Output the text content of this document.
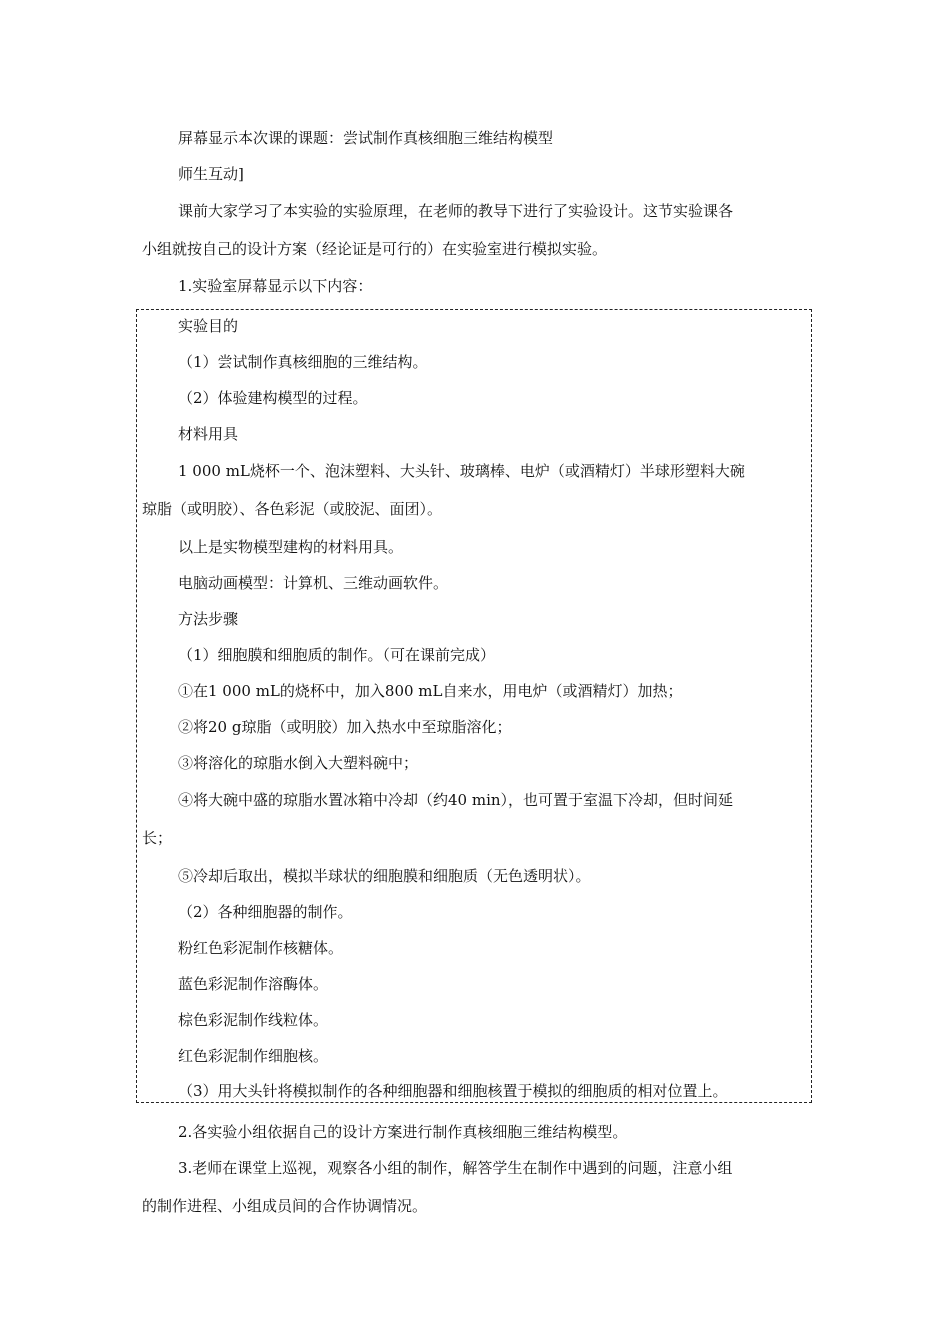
屏幕显示本次课的课题：尝试制作真核细胞三维结构模型

师生互动]

课前大家学习了本实验的实验原理，在老师的教导下进行了实验设计。这节实验课各

小组就按自己的设计方案（经论证是可行的）在实验室进行模拟实验。

1.实验室屏幕显示以下内容：

实验目的

（1）尝试制作真核细胞的三维结构。

（2）体验建构模型的过程。

材料用具

1 000 mL烧杯一个、泡沫塑料、大头针、玻璃棒、电炉（或酒精灯）半球形塑料大碗

琼脂（或明胶）、各色彩泥（或胶泥、面团）。

以上是实物模型建构的材料用具。

电脑动画模型：计算机、三维动画软件。

方法步骤

（1）细胞膜和细胞质的制作。（可在课前完成）

①在1 000 mL的烧杯中，加入800 mL自来水，用电炉（或酒精灯）加热；

②将20 g琼脂（或明胶）加入热水中至琼脂溶化；

③将溶化的琼脂水倒入大塑料碗中；

④将大碗中盛的琼脂水置冰箱中冷却（约40 min），也可置于室温下冷却，但时间延

长；

⑤冷却后取出，模拟半球状的细胞膜和细胞质（无色透明状）。

（2）各种细胞器的制作。

粉红色彩泥制作核糖体。

蓝色彩泥制作溶酶体。

棕色彩泥制作线粒体。

红色彩泥制作细胞核。

（3）用大头针将模拟制作的各种细胞器和细胞核置于模拟的细胞质的相对位置上。

2.各实验小组依据自己的设计方案进行制作真核细胞三维结构模型。

3.老师在课堂上巡视，观察各小组的制作，解答学生在制作中遇到的问题，注意小组

的制作进程、小组成员间的合作协调情况。
